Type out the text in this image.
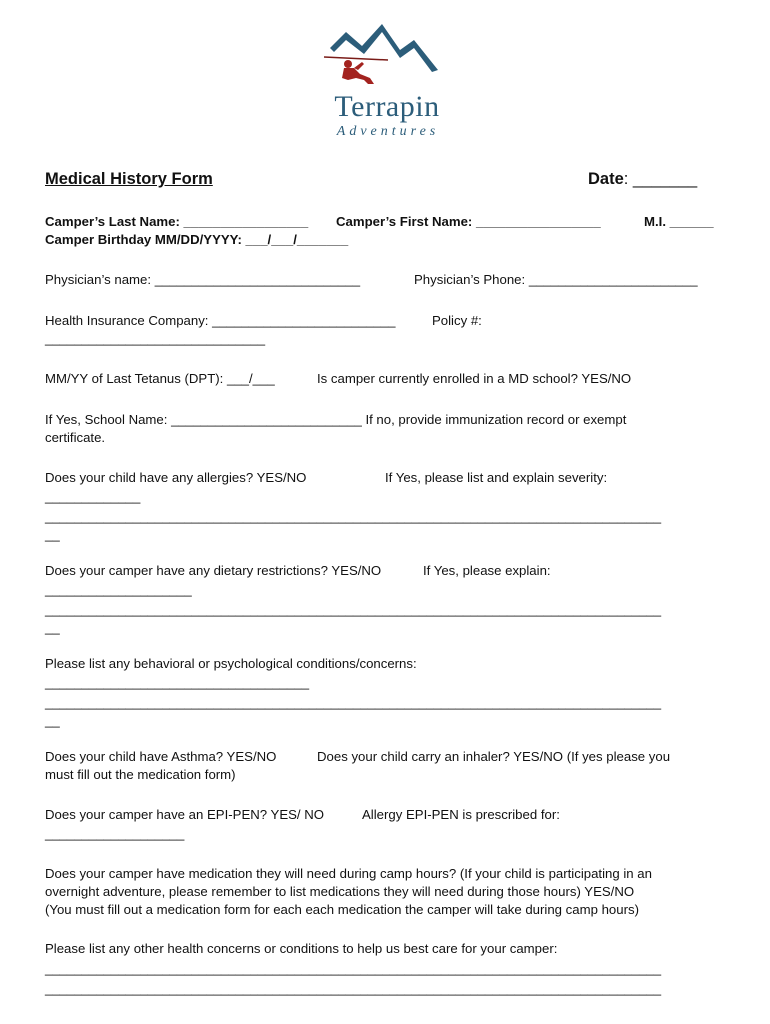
Terrapin
Adventures
Medical History Form	Date: _______
Camper’s Last Name: _________________ Camper’s First Name: _________________	M.I. ______
Camper Birthday MM/DD/YYYY: ___/___/_______
Physician’s name: ____________________________	Physician’s Phone: _______________________
Health Insurance Company: _________________________	Policy #:
______________________________
MM/YY of Last Tetanus (DPT): ___/___	Is camper currently enrolled in a MD school? YES/NO
If Yes, School Name: __________________________ If no, provide immunization record or exempt
certificate.
Does your child have any allergies? YES/NO	If Yes, please list and explain severity:
_____________
____________________________________________________________________________________
__
Does your camper have any dietary restrictions? YES/NO	If Yes, please explain:
____________________
____________________________________________________________________________________
__
Please list any behavioral or psychological conditions/concerns:
____________________________________
____________________________________________________________________________________
__
Does your child have Asthma? YES/NO	Does your child carry an inhaler? YES/NO (If yes please you
must fill out the medication form)
Does your camper have an EPI-PEN? YES/ NO	Allergy EPI-PEN is prescribed for:
___________________
Does your camper have medication they will need during camp hours? (If your child is participating in an
overnight adventure, please remember to list medications they will need during those hours) YES/NO
(You must fill out a medication form for each each medication the camper will take during camp hours)
Please list any other health concerns or conditions to help us best care for your camper:
____________________________________________________________________________________
____________________________________________________________________________________
